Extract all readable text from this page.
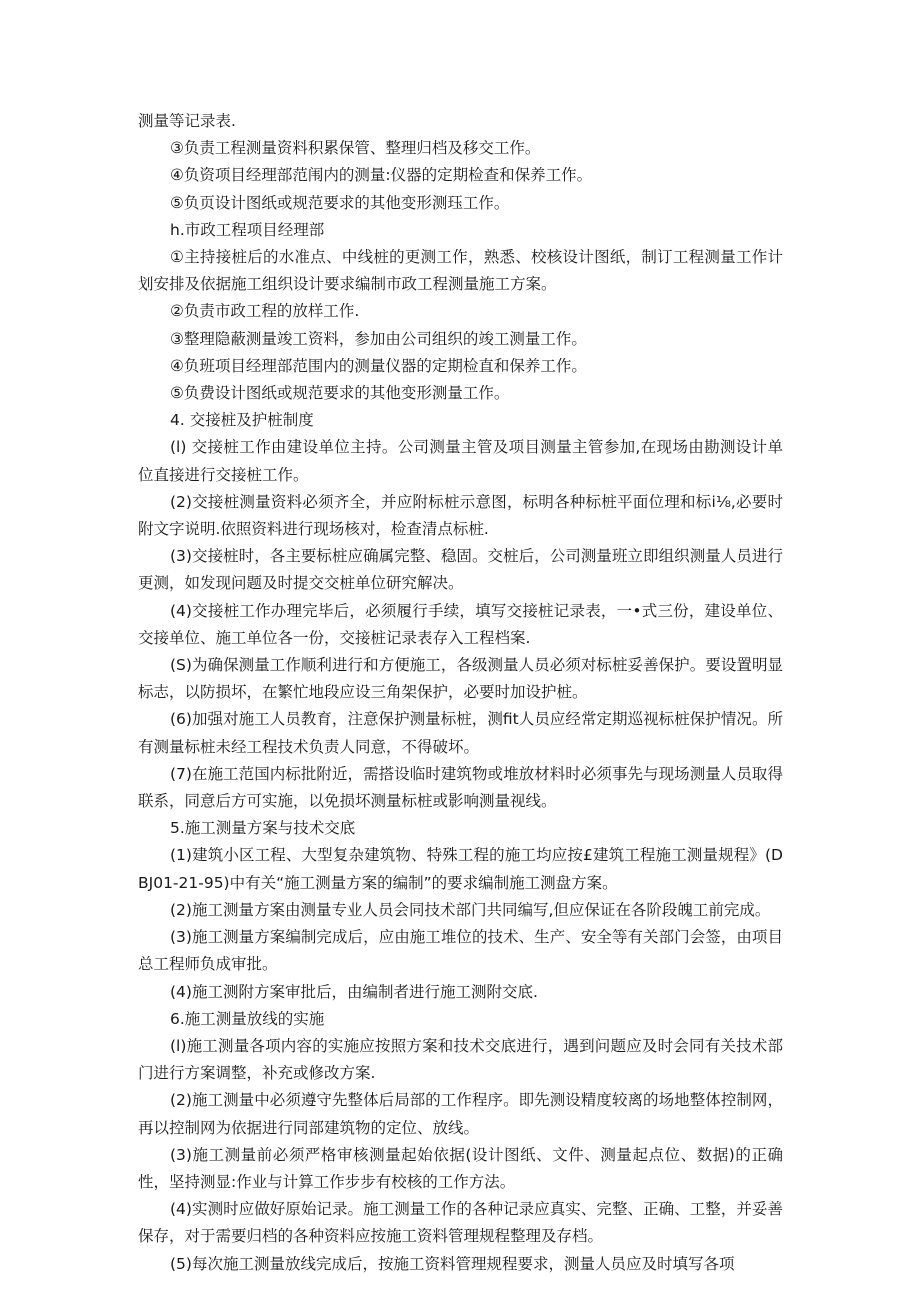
测量等记录表.

③负责工程测量资料积累保管、整理归档及移交工作。

④负资项目经理部范闱内的测量:仪器的定期检查和保养工作。

⑤负页设计图纸或规范要求的其他变形测珏工作。

h.市政工程项目经理部

①主持接桩后的水准点、中线桩的更测工作，熟悉、校核设计图纸，制订工程测量工作计划安排及依据施工组织设计要求编制市政工程测量施工方案。

②负责市政工程的放样工作.

③整理隐蔽测量竣工资料，参加由公司组织的竣工测量工作。

④负班项目经理部范围内的测量仪器的定期检直和保养工作。

⑤负费设计图纸或规范要求的其他变形测量工作。

4. 交接桩及护桩制度

(l) 交接桩工作由建设单位主持。公司测量主管及项目测量主管参加,在现场由勘测设计单位直接进行交接桩工作。

(2)交接桩测量资料必须齐全，并应附标桩示意图，标明各种标桩平面位理和标i⅛,必要时附文字说明.依照资料进行现场核对，检查清点标桩.

(3)交接桩时，各主要标桩应确属完整、稳固。交桩后，公司测量班立即组织测量人员进行更测，如发现问题及时提交交桩单位研究解决。

(4)交接桩工作办理完毕后，必须履行手续，填写交接桩记录表，一•式三份，建设单位、交接单位、施工单位各一份，交接桩记录表存入工程档案.

(S)为确保测量工作顺利进行和方便施工，各级测量人员必须对标桩妥善保护。要设置明显标志，以防损坏，在繁忙地段应设三角架保护，必要时加设护桩。

(6)加强对施工人员教育，注意保护测量标桩，测fit人员应经常定期巡视标桩保护情况。所有测量标桩未经工程技术负责人同意，不得破坏。

(7)在施工范国内标批附近，需搭设临时建筑物或堆放材料时必须事先与现场测量人员取得联系，同意后方可实施，以免损坏测量标桩或影响测量视线。

5.施工测量方案与技术交底

(1)建筑小区工程、大型复杂建筑物、特殊工程的施工均应按£建筑工程施工测量规程》(DBJ01-21-95)中有关“施工测量方案的编制”的要求编制施工测盘方案。

(2)施工测量方案由测量专业人员会同技术部门共同编写,但应保证在各阶段魄工前完成。

(3)施工测量方案编制完成后，应由施工堆位的技术、生产、安全等有关部门会签，由项目总工程师负成审批。

(4)施工测附方案审批后，由编制者进行施工测附交底.

6.施工测量放线的实施

(l)施工测量各项内容的实施应按照方案和技术交底进行，遇到问题应及时会同有关技术部门进行方案调整，补充或修改方案.

(2)施工测量中必须遵守先整体后局部的工作程序。即先测设精度较离的场地整体控制网，再以控制网为依据进行同部建筑物的定位、放线。

(3)施工测量前必须严格审核测量起始依据(设计图纸、文件、测量起点位、数据)的正确性，坚持测显:作业与计算工作步步有校核的工作方法。

(4)实测时应做好原始记录。施工测量工作的各种记录应真实、完整、正确、工整，并妥善保存，对于需要归档的各种资料应按施工资料管理规程整理及存档。

(5)每次施工测量放线完成后，按施工资料管理规程要求，测量人员应及时填写各项
